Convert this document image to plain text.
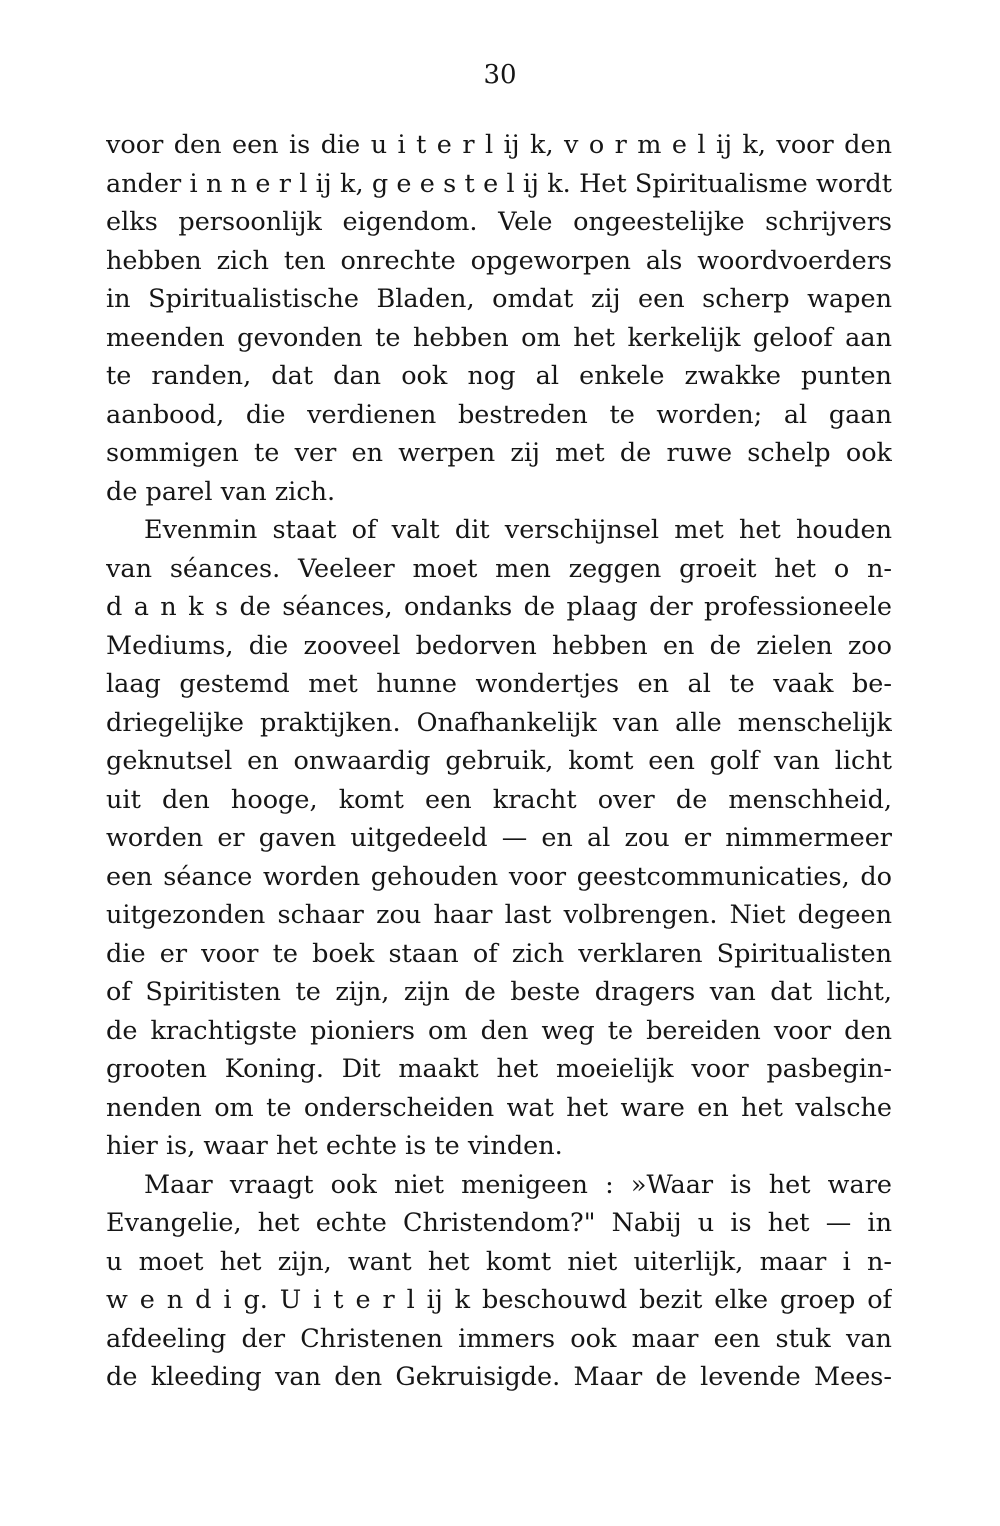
30
voor den een is die u i t e r l ij k, v o r m e l ij k, voor den
ander i n n e r l ij k, g e e s t e l ij k. Het Spiritualisme wordt
elks persoonlijk eigendom. Vele ongeestelijke schrijvers
hebben zich ten onrechte opgeworpen als woordvoerders
in Spiritualistische Bladen, omdat zij een scherp wapen
meenden gevonden te hebben om het kerkelijk geloof aan
te randen, dat dan ook nog al enkele zwakke punten
aanbood, die verdienen bestreden te worden; al gaan
sommigen te ver en werpen zij met de ruwe schelp ook
de parel van zich.
Evenmin staat of valt dit verschijnsel met het houden
van séances. Veeleer moet men zeggen groeit het o n-
d a n k s de séances, ondanks de plaag der professioneele
Mediums, die zooveel bedorven hebben en de zielen zoo
laag gestemd met hunne wondertjes en al te vaak be-
driegelijke praktijken. Onafhankelijk van alle menschelijk
geknutsel en onwaardig gebruik, komt een golf van licht
uit den hooge, komt een kracht over de menschheid,
worden er gaven uitgedeeld — en al zou er nimmermeer
een séance worden gehouden voor geestcommunicaties, do
uitgezonden schaar zou haar last volbrengen. Niet degeen
die er voor te boek staan of zich verklaren Spiritualisten
of Spiritisten te zijn, zijn de beste dragers van dat licht,
de krachtigste pioniers om den weg te bereiden voor den
grooten Koning. Dit maakt het moeielijk voor pasbegin-
nenden om te onderscheiden wat het ware en het valsche
hier is, waar het echte is te vinden.
Maar vraagt ook niet menigeen : »Waar is het ware
Evangelie, het echte Christendom?" Nabij u is het — in
u moet het zijn, want het komt niet uiterlijk, maar i n-
w e n d i g. U i t e r l ij k beschouwd bezit elke groep of
afdeeling der Christenen immers ook maar een stuk van
de kleeding van den Gekruisigde. Maar de levende Mees-
